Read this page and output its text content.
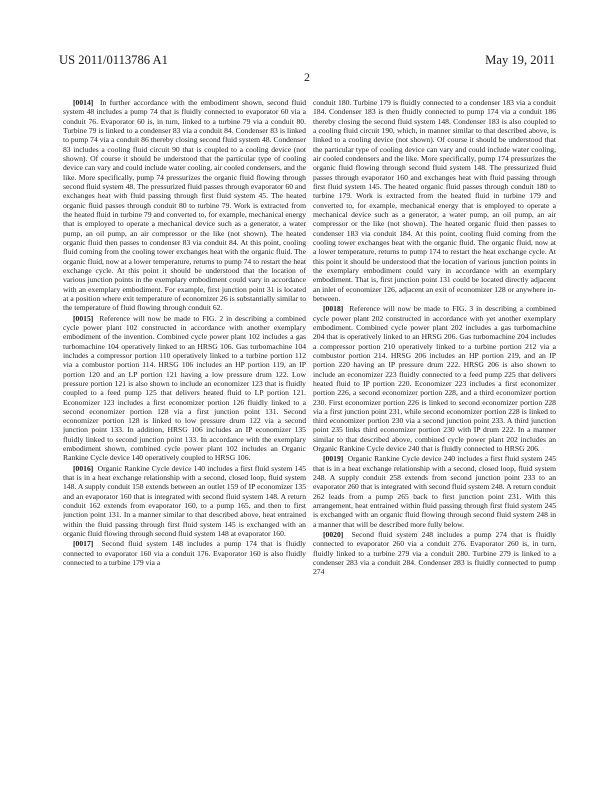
US 2011/0113786 A1	May 19, 2011
2

[0014] In further accordance with the embodiment shown, second fluid system 48 includes a pump 74 that is fluidly connected to evaporator 60 via a conduit 76. Evaporator 60 is, in turn, linked to a turbine 79 via a conduit 80. Turbine 79 is linked to a condenser 83 via a conduit 84. Condenser 83 is linked to pump 74 via a conduit 86 thereby closing second fluid system 48. Condenser 83 includes a cooling fluid circuit 90 that is coupled to a cooling device (not shown). Of course it should be understood that the particular type of cooling device can vary and could include water cooling, air cooled condensers, and the like. More specifically, pump 74 pressurizes the organic fluid flowing through second fluid system 48. The pressurized fluid passes through evaporator 60 and exchanges heat with fluid passing through first fluid system 45. The heated organic fluid passes through conduit 80 to turbine 79. Work is extracted from the heated fluid in turbine 79 and converted to, for example, mechanical energy that is employed to operate a mechanical device such as a generator, a water pump, an oil pump, an air compressor or the like (not shown). The heated organic fluid then passes to condenser 83 via conduit 84. At this point, cooling fluid coming from the cooling tower exchanges heat with the organic fluid. The organic fluid, now at a lower temperature, returns to pump 74 to restart the heat exchange cycle. At this point it should be understood that the location of various junction points in the exemplary embodiment could vary in accordance with an exemplary embodiment. For example, first junction point 31 is located at a position where exit temperature of economizer 26 is substantially similar to the temperature of fluid flowing through conduit 62.

[0015] Reference will now be made to FIG. 2 in describing a combined cycle power plant 102 constructed in accordance with another exemplary embodiment of the invention. Combined cycle power plant 102 includes a gas turbomachine 104 operatively linked to an HRSG 106. Gas turbomachine 104 includes a compressor portion 110 operatively linked to a turbine portion 112 via a combustor portion 114. HRSG 106 includes an HP portion 119, an IP portion 120 and an LP portion 121 having a low pressure drum 122. Low pressure portion 121 is also shown to include an economizer 123 that is fluidly coupled to a feed pump 125 that delivers heated fluid to LP portion 121. Economizer 123 includes a first economizer portion 126 fluidly linked to a second economizer portion 128 via a first junction point 131. Second economizer portion 128 is linked to low pressure drum 122 via a second junction point 133. In addition, HRSG 106 includes an IP economizer 135 fluidly linked to second junction point 133. In accordance with the exemplary embodiment shown, combined cycle power plant 102 includes an Organic Rankine Cycle device 140 operatively coupled to HRSG 106.

[0016] Organic Rankine Cycle device 140 includes a first fluid system 145 that is in a heat exchange relationship with a second, closed loop, fluid system 148. A supply conduit 158 extends between an outlet 159 of IP economizer 135 and an evaporator 160 that is integrated with second fluid system 148. A return conduit 162 extends from evaporator 160, to a pump 165, and then to first junction point 131. In a manner similar to that described above, heat entrained within the fluid passing through first fluid system 145 is exchanged with an organic fluid flowing through second fluid system 148 at evaporator 160.

[0017] Second fluid system 148 includes a pump 174 that is fluidly connected to evaporator 160 via a conduit 176. Evaporator 160 is also fluidly connected to a turbine 179 via a

conduit 180. Turbine 179 is fluidly connected to a condenser 183 via a conduit 184. Condenser 183 is then fluidly connected to pump 174 via a conduit 186 thereby closing the second fluid system 148. Condenser 183 is also coupled to a cooling fluid circuit 190, which, in manner similar to that described above, is linked to a cooling device (not shown). Of course it should be understood that the particular type of cooling device can vary and could include water cooling, air cooled condensers and the like. More specifically, pump 174 pressurizes the organic fluid flowing through second fluid system 148. The pressurized fluid passes through evaporator 160 and exchanges heat with fluid passing through first fluid system 145. The heated organic fluid passes through conduit 180 to turbine 179. Work is extracted from the heated fluid in turbine 179 and converted to, for example, mechanical energy that is employed to operate a mechanical device such as a generator, a water pump, an oil pump, an air compressor or the like (not shown). The heated organic fluid then passes to condenser 183 via conduit 184. At this point, cooling fluid coming from the cooling tower exchanges heat with the organic fluid. The organic fluid, now at a lower temperature, returns to pump 174 to restart the heat exchange cycle. At this point it should be understood that the location of various junction points in the exemplary embodiment could vary in accordance with an exemplary embodiment. That is, first junction point 131 could be located directly adjacent an inlet of economizer 126, adjacent an exit of economizer 128 or anywhere in-between.

[0018] Reference will now be made to FIG. 3 in describing a combined cycle power plant 202 constructed in accordance with yet another exemplary embodiment. Combined cycle power plant 202 includes a gas turbomachine 204 that is operatively linked to an HRSG 206. Gas turbomachine 204 includes a compressor portion 210 operatively linked to a turbine portion 212 via a combustor portion 214. HRSG 206 includes an HP portion 219, and an IP portion 220 having an IP pressure drum 222. HRSG 206 is also shown to include an economizer 223 fluidly connected to a feed pump 225 that delivers heated fluid to IP portion 220. Economizer 223 includes a first economizer portion 226, a second economizer portion 228, and a third economizer portion 230. First economizer portion 226 is linked to second economizer portion 228 via a first junction point 231, while second economizer portion 228 is linked to third economizer portion 230 via a second junction point 233. A third junction point 235 links third economizer portion 230 with IP drum 222. In a manner similar to that described above, combined cycle power plant 202 includes an Organic Rankine Cycle device 240 that is fluidly connected to HRSG 206.

[0019] Organic Rankine Cycle device 240 includes a first fluid system 245 that is in a heat exchange relationship with a second, closed loop, fluid system 248. A supply conduit 258 extends from second junction point 233 to an evaporator 260 that is integrated with second fluid system 248. A return conduit 262 leads from a pump 265 back to first junction point 231. With this arrangement, heat entrained within fluid passing through first fluid system 245 is exchanged with an organic fluid flowing through second fluid system 248 in a manner that will be described more fully below.

[0020] Second fluid system 248 includes a pump 274 that is fluidly connected to evaporator 260 via a conduit 276. Evaporator 260 is, in turn, fluidly linked to a turbine 279 via a conduit 280. Turbine 279 is linked to a condenser 283 via a conduit 284. Condenser 283 is fluidly connected to pump 274
